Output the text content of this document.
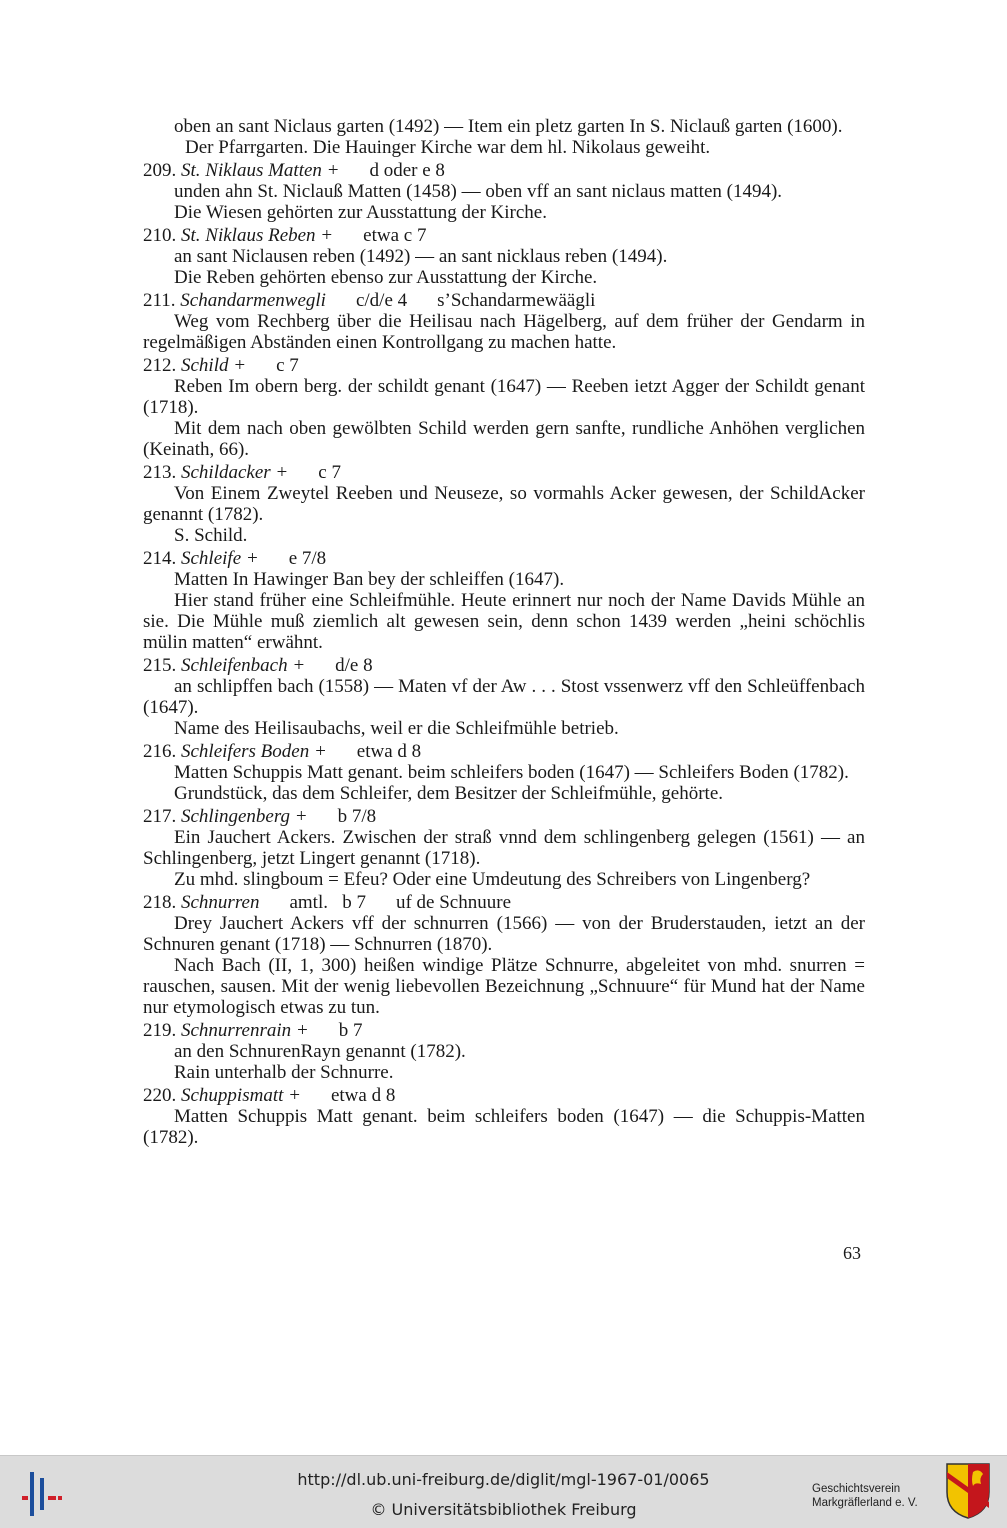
oben an sant Niclaus garten (1492) — Item ein pletz garten In S. Niclauß garten (1600).

Der Pfarrgarten. Die Hauinger Kirche war dem hl. Nikolaus geweiht.

209. St. Niklaus Matten + d oder e 8

unden ahn St. Niclauß Matten (1458) — oben vff an sant niclaus matten (1494).

Die Wiesen gehörten zur Ausstattung der Kirche.

210. St. Niklaus Reben + etwa c 7

an sant Niclausen reben (1492) — an sant nicklaus reben (1494).

Die Reben gehörten ebenso zur Ausstattung der Kirche.

211. Schandarmenwegli c/d/e 4 s’Schandarmewäägli

Weg vom Rechberg über die Heilisau nach Hägelberg, auf dem früher der Gendarm in regelmäßigen Abständen einen Kontrollgang zu machen hatte.

212. Schild + c 7

Reben Im obern berg. der schildt genant (1647) — Reeben ietzt Agger der Schildt genant (1718).

Mit dem nach oben gewölbten Schild werden gern sanfte, rundliche Anhöhen verglichen (Keinath, 66).

213. Schildacker + c 7

Von Einem Zweytel Reeben und Neuseze, so vormahls Acker gewesen, der SchildAcker genannt (1782).

S. Schild.

214. Schleife + e 7/8

Matten In Hawinger Ban bey der schleiffen (1647).

Hier stand früher eine Schleifmühle. Heute erinnert nur noch der Name Davids Mühle an sie. Die Mühle muß ziemlich alt gewesen sein, denn schon 1439 werden „heini schöchlis mülin matten“ erwähnt.

215. Schleifenbach + d/e 8

an schlipffen bach (1558) — Maten vf der Aw . . . Stost vssenwerz vff den Schleüffenbach (1647).

Name des Heilisaubachs, weil er die Schleifmühle betrieb.

216. Schleifers Boden + etwa d 8

Matten Schuppis Matt genant. beim schleifers boden (1647) — Schleifers Boden (1782).

Grundstück, das dem Schleifer, dem Besitzer der Schleifmühle, gehörte.

217. Schlingenberg + b 7/8

Ein Jauchert Ackers. Zwischen der straß vnnd dem schlingenberg gelegen (1561) — an Schlingenberg, jetzt Lingert genannt (1718).

Zu mhd. slingboum = Efeu? Oder eine Umdeutung des Schreibers von Lingenberg?

218. Schnurren amtl.   b 7 uf de Schnuure

Drey Jauchert Ackers vff der schnurren (1566) — von der Bruderstauden, ietzt an der Schnuren genant (1718) — Schnurren (1870).

Nach Bach (II, 1, 300) heißen windige Plätze Schnurre, abgeleitet von mhd. snurren = rauschen, sausen. Mit der wenig liebevollen Bezeichnung „Schnuure“ für Mund hat der Name nur etymologisch etwas zu tun.

219. Schnurrenrain + b 7

an den SchnurenRayn genannt (1782).

Rain unterhalb der Schnurre.

220. Schuppismatt + etwa d 8

Matten Schuppis Matt genant. beim schleifers boden (1647) — die Schuppis-Matten (1782).

63
http://dl.ub.uni-freiburg.de/diglit/mgl-1967-01/0065
© Universitätsbibliothek Freiburg
Geschichtsverein
Markgräflerland e. V.
